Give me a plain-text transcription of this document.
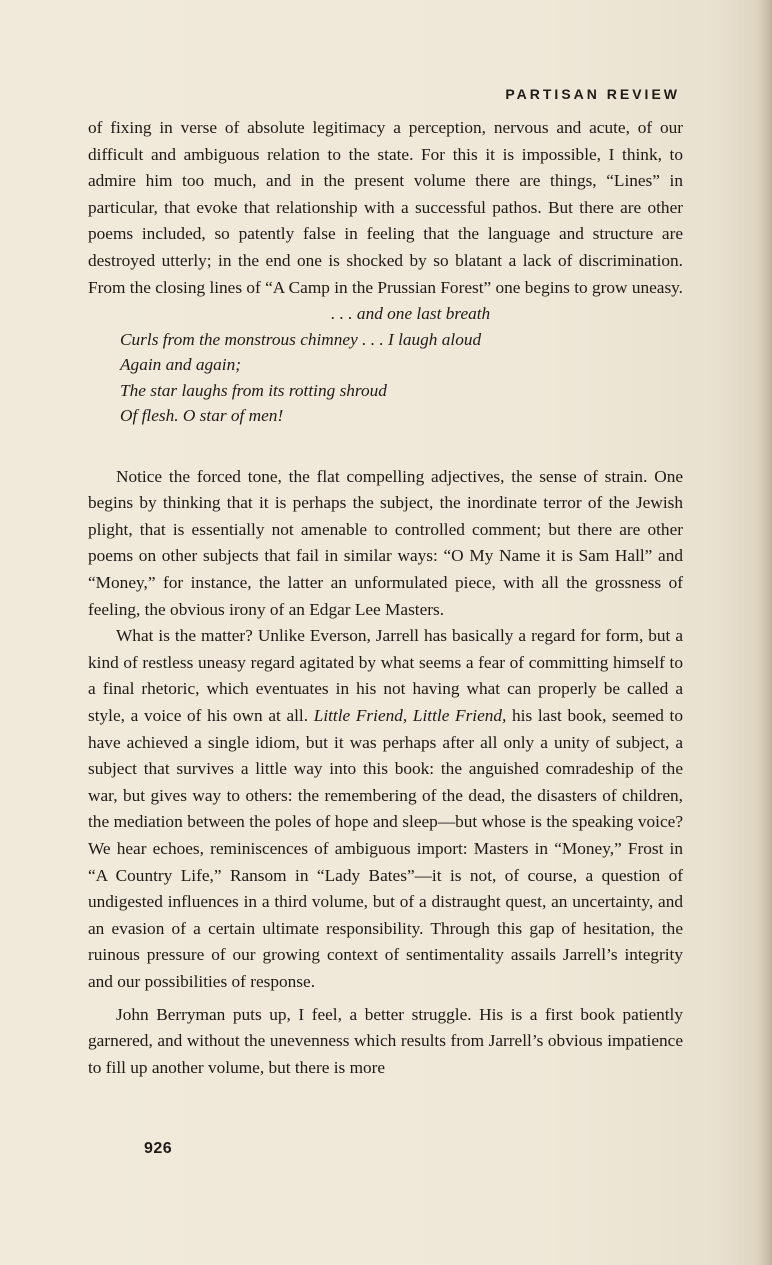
PARTISAN REVIEW

of fixing in verse of absolute legitimacy a perception, nervous and acute, of our difficult and ambiguous relation to the state. For this it is impossible, I think, to admire him too much, and in the present volume there are things, “Lines” in particular, that evoke that relationship with a successful pathos. But there are other poems included, so patently false in feeling that the language and structure are destroyed utterly; in the end one is shocked by so blatant a lack of discrimination. From the closing lines of “A Camp in the Prussian Forest” one begins to grow uneasy.

. . . and one last breath
Curls from the monstrous chimney . . . I laugh aloud
Again and again;
The star laughs from its rotting shroud
Of flesh. O star of men!

Notice the forced tone, the flat compelling adjectives, the sense of strain. One begins by thinking that it is perhaps the subject, the inordinate terror of the Jewish plight, that is essentially not amenable to controlled comment; but there are other poems on other subjects that fail in similar ways: “O My Name it is Sam Hall” and “Money,” for instance, the latter an unformulated piece, with all the grossness of feeling, the obvious irony of an Edgar Lee Masters.

What is the matter? Unlike Everson, Jarrell has basically a regard for form, but a kind of restless uneasy regard agitated by what seems a fear of committing himself to a final rhetoric, which eventuates in his not having what can properly be called a style, a voice of his own at all. Little Friend, Little Friend, his last book, seemed to have achieved a single idiom, but it was perhaps after all only a unity of subject, a subject that survives a little way into this book: the anguished comradeship of the war, but gives way to others: the remembering of the dead, the disasters of children, the mediation between the poles of hope and sleep—but whose is the speaking voice? We hear echoes, reminiscences of ambiguous import: Masters in “Money,” Frost in “A Country Life,” Ransom in “Lady Bates”—it is not, of course, a question of undigested influences in a third volume, but of a distraught quest, an uncertainty, and an evasion of a certain ultimate responsibility. Through this gap of hesitation, the ruinous pressure of our growing context of sentimentality assails Jarrell’s integrity and our possibilities of response.

John Berryman puts up, I feel, a better struggle. His is a first book patiently garnered, and without the unevenness which results from Jarrell’s obvious impatience to fill up another volume, but there is more

926
